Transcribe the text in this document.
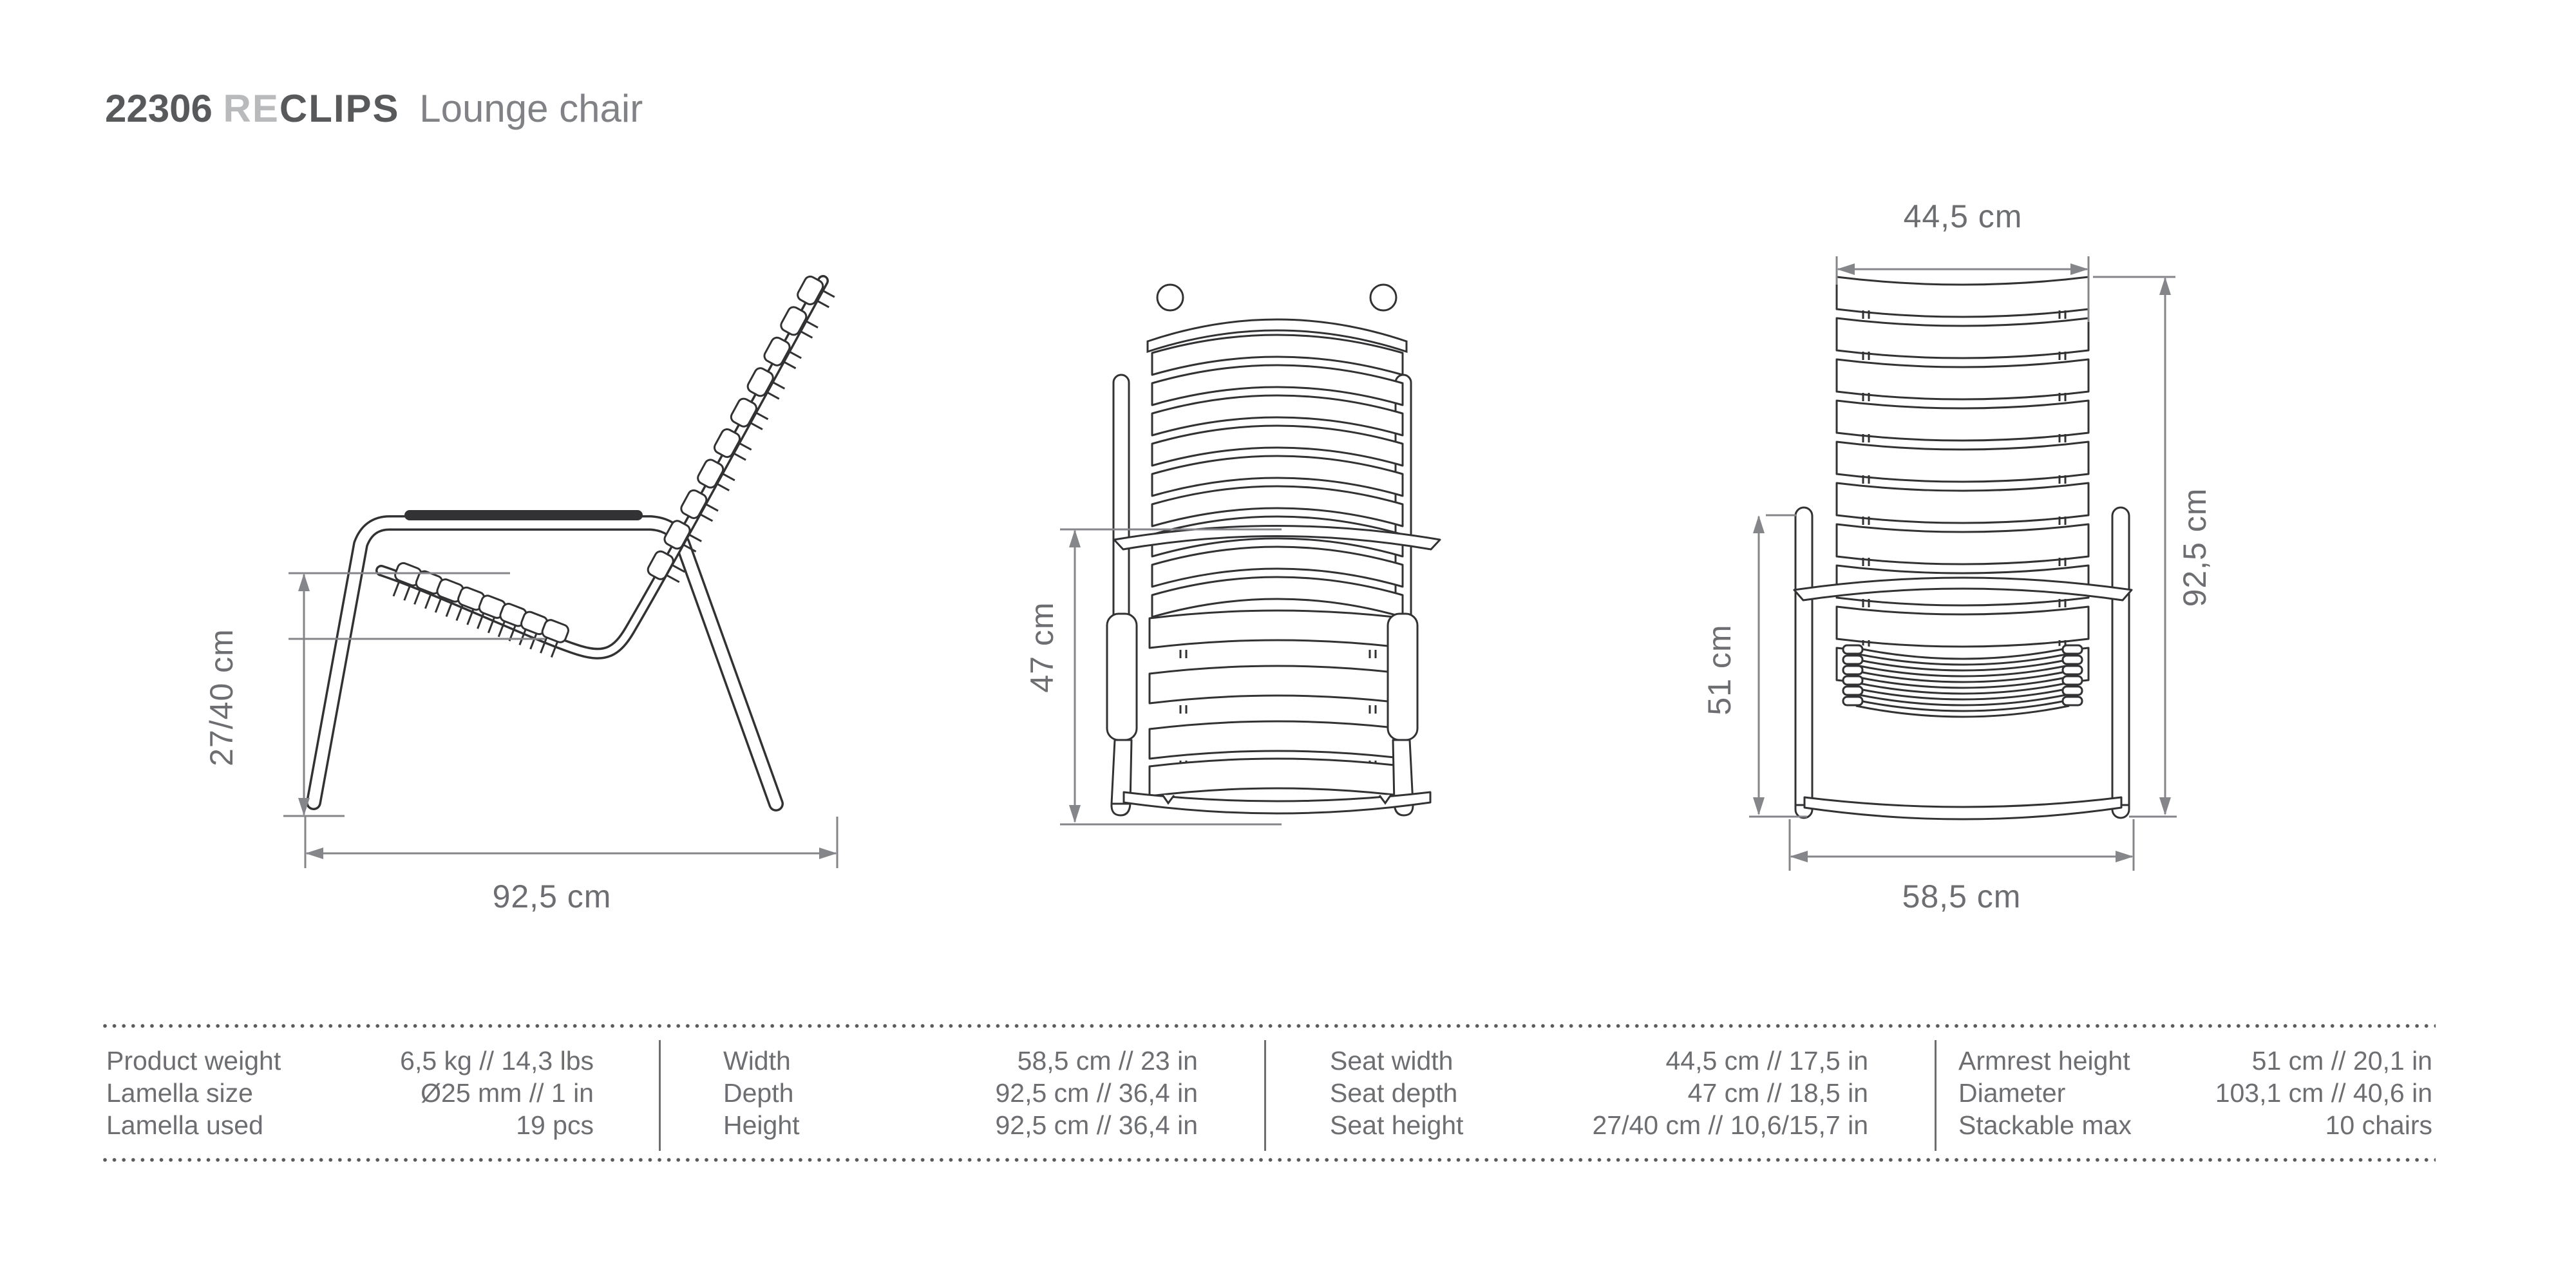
22306 RECLIPS Lounge chair
27/40 cm
92,5 cm
47 cm
44,5 cm
92,5 cm
51 cm
58,5 cm
Product weight	6,5 kg // 14,3 lbs
Lamella size	Ø25 mm // 1 in
Lamella used	19 pcs
Width	58,5 cm // 23 in
Depth	92,5 cm // 36,4 in
Height	92,5 cm // 36,4 in
Seat width	44,5 cm // 17,5 in
Seat depth	47 cm // 18,5 in
Seat height	27/40 cm // 10,6/15,7 in
Armrest height	51 cm // 20,1 in
Diameter	103,1 cm // 40,6 in
Stackable max	10 chairs
